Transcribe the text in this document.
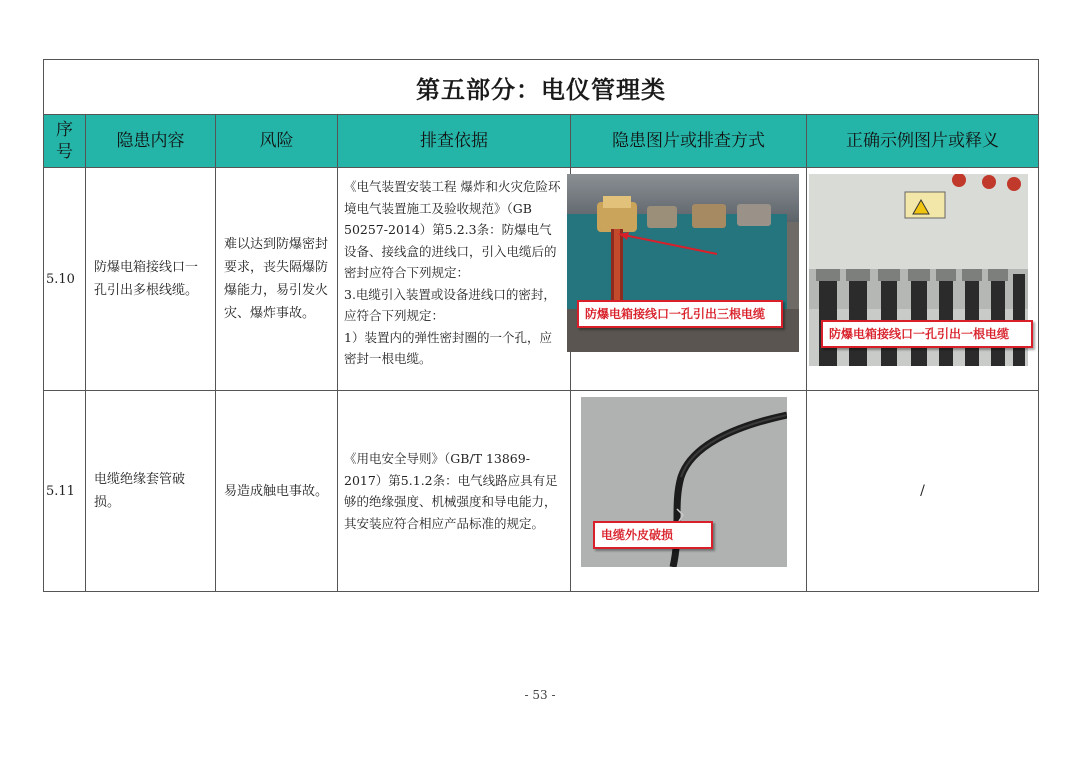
第五部分：电仪管理类					
序号	隐患内容	风险	排查依据	隐患图片或排查方式	正确示例图片或释义
5.10	防爆电箱接线口一孔引出多根线缆。	难以达到防爆密封要求，丧失隔爆防爆能力，易引发火灾、爆炸事故。	《电气装置安装工程 爆炸和火灾危险环境电气装置施工及验收规范》（GB 50257-2014）第5.2.3条：防爆电气设备、接线盒的进线口，引入电缆后的密封应符合下列规定：
3.电缆引入装置或设备进线口的密封，应符合下列规定：
1）装置内的弹性密封圈的一个孔，应密封一根电缆。	防爆电箱接线口一孔引出三根电缆	防爆电箱接线口一孔引出一根电缆

5.11	电缆绝缘套管破损。	易造成触电事故。	《用电安全导则》（GB/T 13869-2017）第5.1.2条：电气线路应具有足够的绝缘强度、机械强度和导电能力，其安装应符合相应产品标准的规定。	电缆外皮破损	/
- 53 -
